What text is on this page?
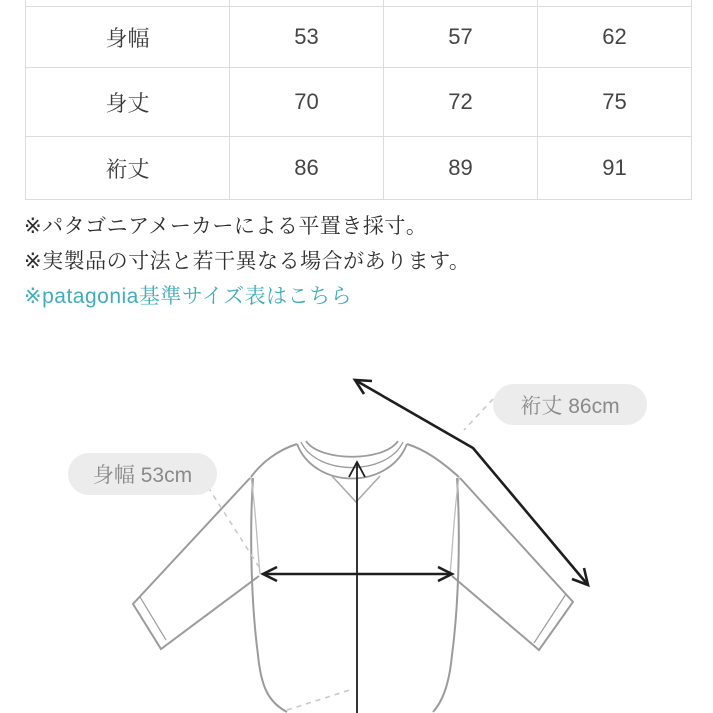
身幅	53	57	62
身丈	70	72	75
裄丈	86	89	91
※パタゴニアメーカーによる平置き採寸。
※実製品の寸法と若干異なる場合があります。
※patagonia基準サイズ表はこちら
裄丈 86cm
身幅 53cm
